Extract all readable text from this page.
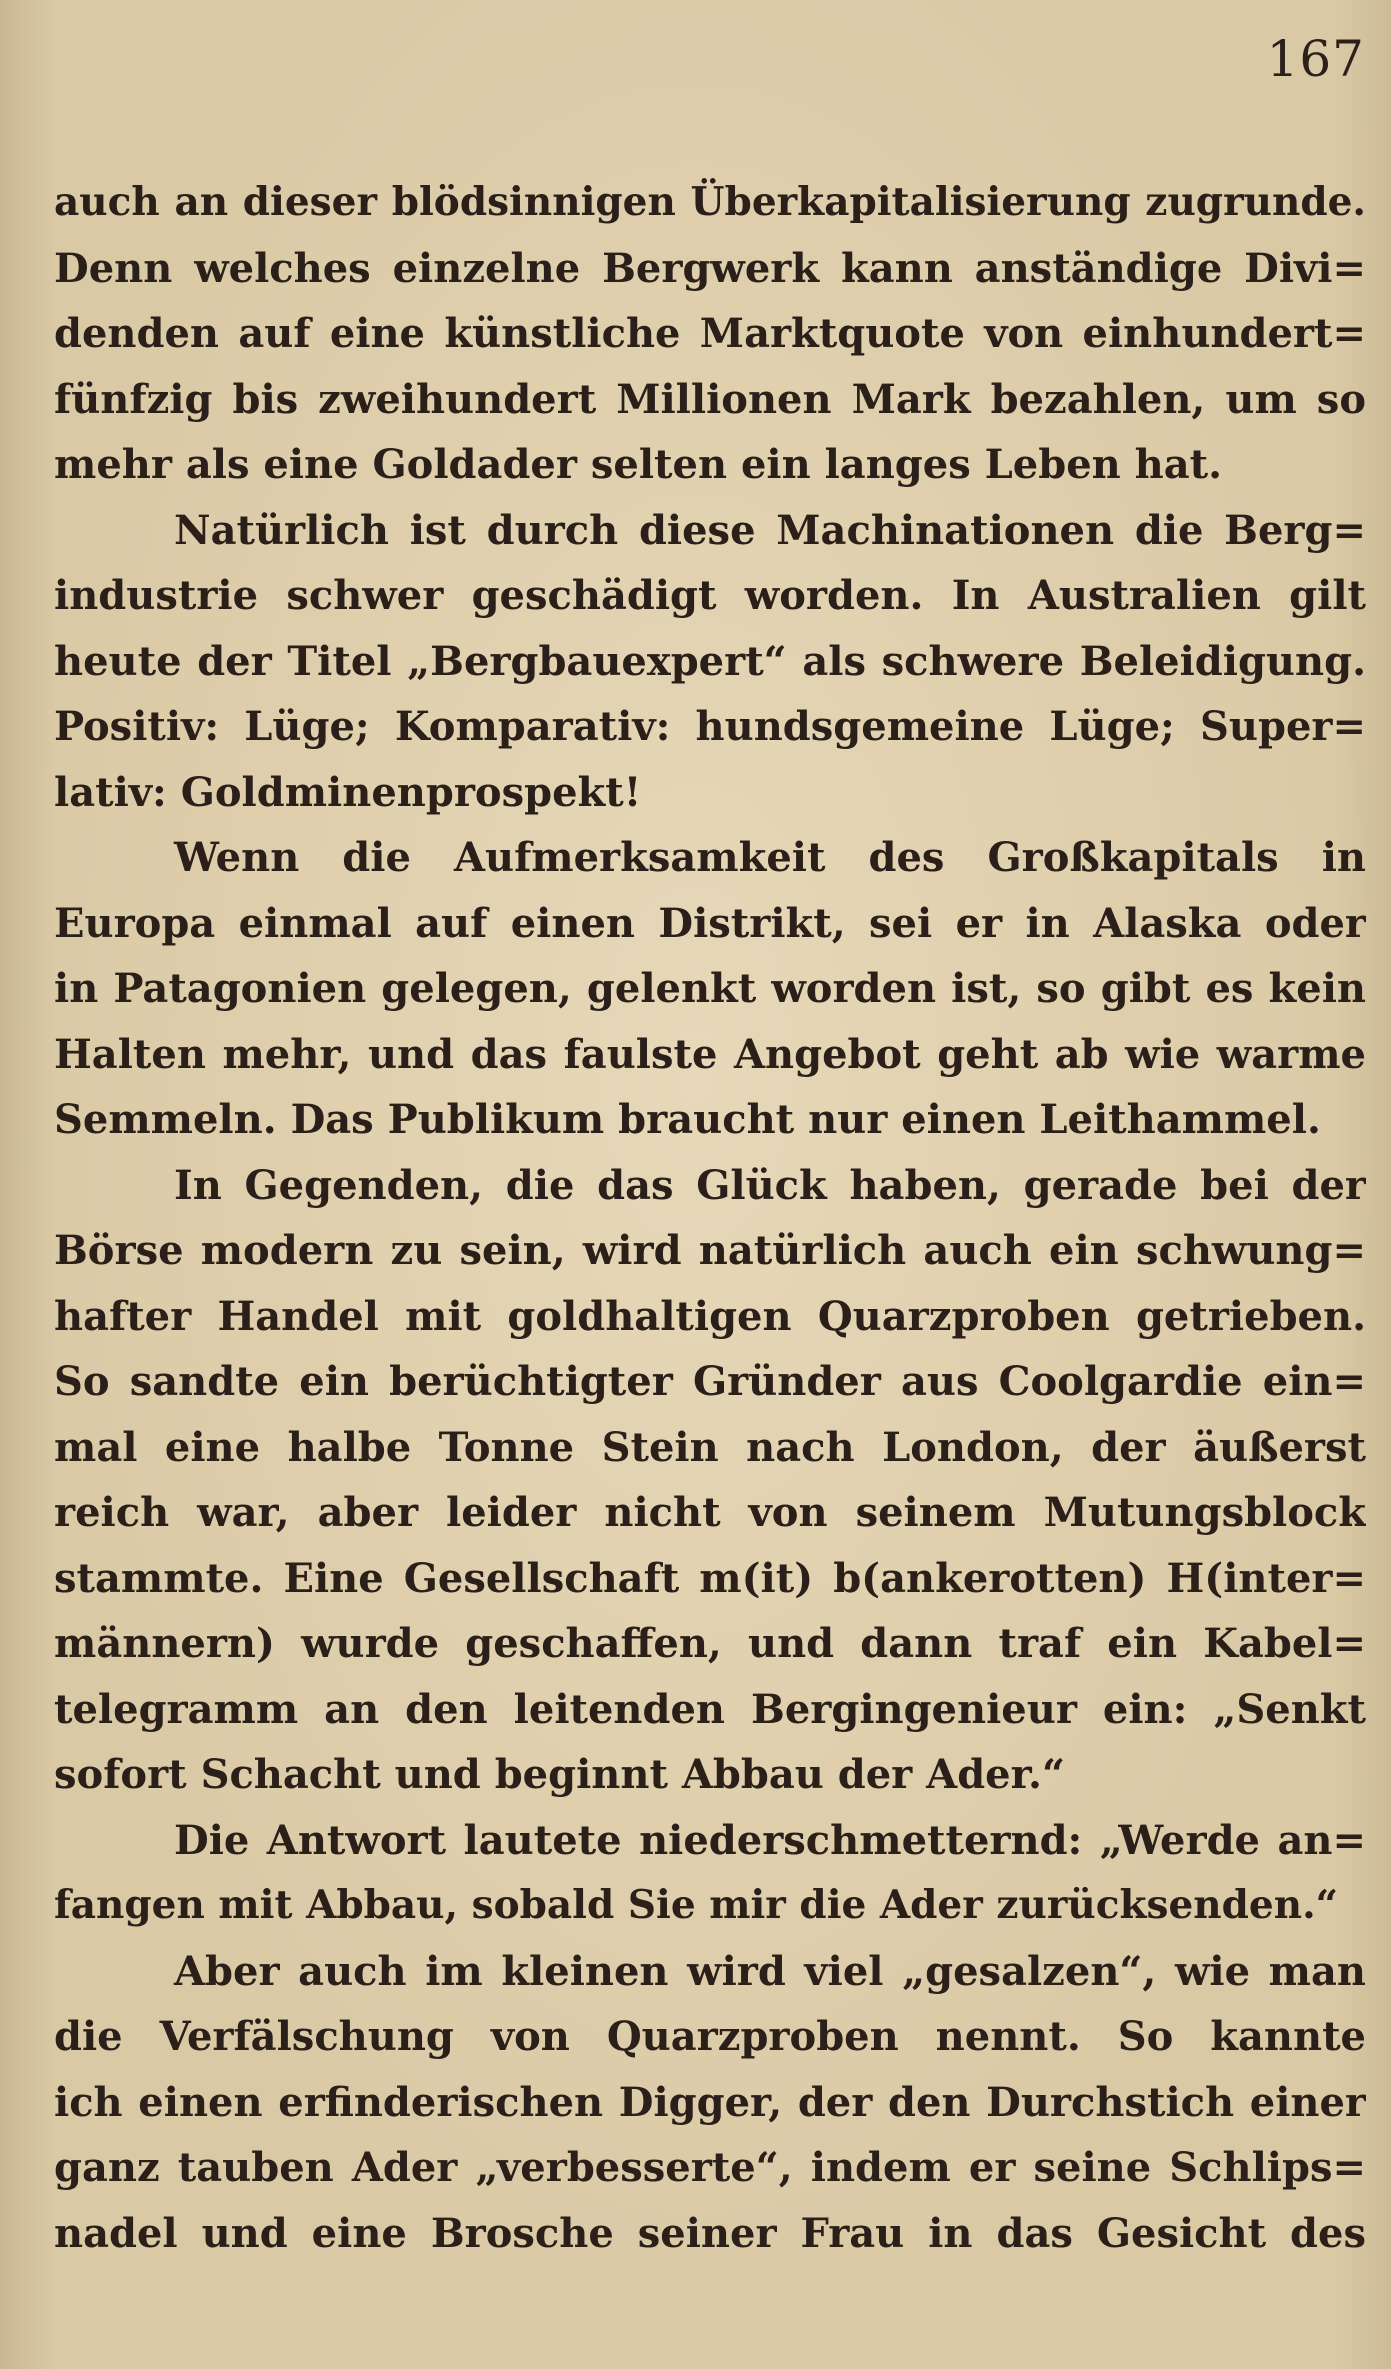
167
auch an dieser blödsinnigen Überkapitalisierung zugrunde.
Denn welches einzelne Bergwerk kann anständige Divi=
denden auf eine künstliche Marktquote von einhundert=
fünfzig bis zweihundert Millionen Mark bezahlen, um so
mehr als eine Goldader selten ein langes Leben hat.
Natürlich ist durch diese Machinationen die Berg=
industrie schwer geschädigt worden. In Australien gilt
heute der Titel „Bergbauexpert“ als schwere Beleidigung.
Positiv: Lüge; Komparativ: hundsgemeine Lüge; Super=
lativ: Goldminenprospekt!
Wenn die Aufmerksamkeit des Großkapitals in
Europa einmal auf einen Distrikt, sei er in Alaska oder
in Patagonien gelegen, gelenkt worden ist, so gibt es kein
Halten mehr, und das faulste Angebot geht ab wie warme
Semmeln. Das Publikum braucht nur einen Leithammel.
In Gegenden, die das Glück haben, gerade bei der
Börse modern zu sein, wird natürlich auch ein schwung=
hafter Handel mit goldhaltigen Quarzproben getrieben.
So sandte ein berüchtigter Gründer aus Coolgardie ein=
mal eine halbe Tonne Stein nach London, der äußerst
reich war, aber leider nicht von seinem Mutungsblock
stammte. Eine Gesellschaft m(it) b(ankerotten) H(inter=
männern) wurde geschaffen, und dann traf ein Kabel=
telegramm an den leitenden Bergingenieur ein: „Senkt
sofort Schacht und beginnt Abbau der Ader.“
Die Antwort lautete niederschmetternd: „Werde an=
fangen mit Abbau, sobald Sie mir die Ader zurücksenden.“
Aber auch im kleinen wird viel „gesalzen“, wie man
die Verfälschung von Quarzproben nennt. So kannte
ich einen erfinderischen Digger, der den Durchstich einer
ganz tauben Ader „verbesserte“, indem er seine Schlips=
nadel und eine Brosche seiner Frau in das Gesicht des
